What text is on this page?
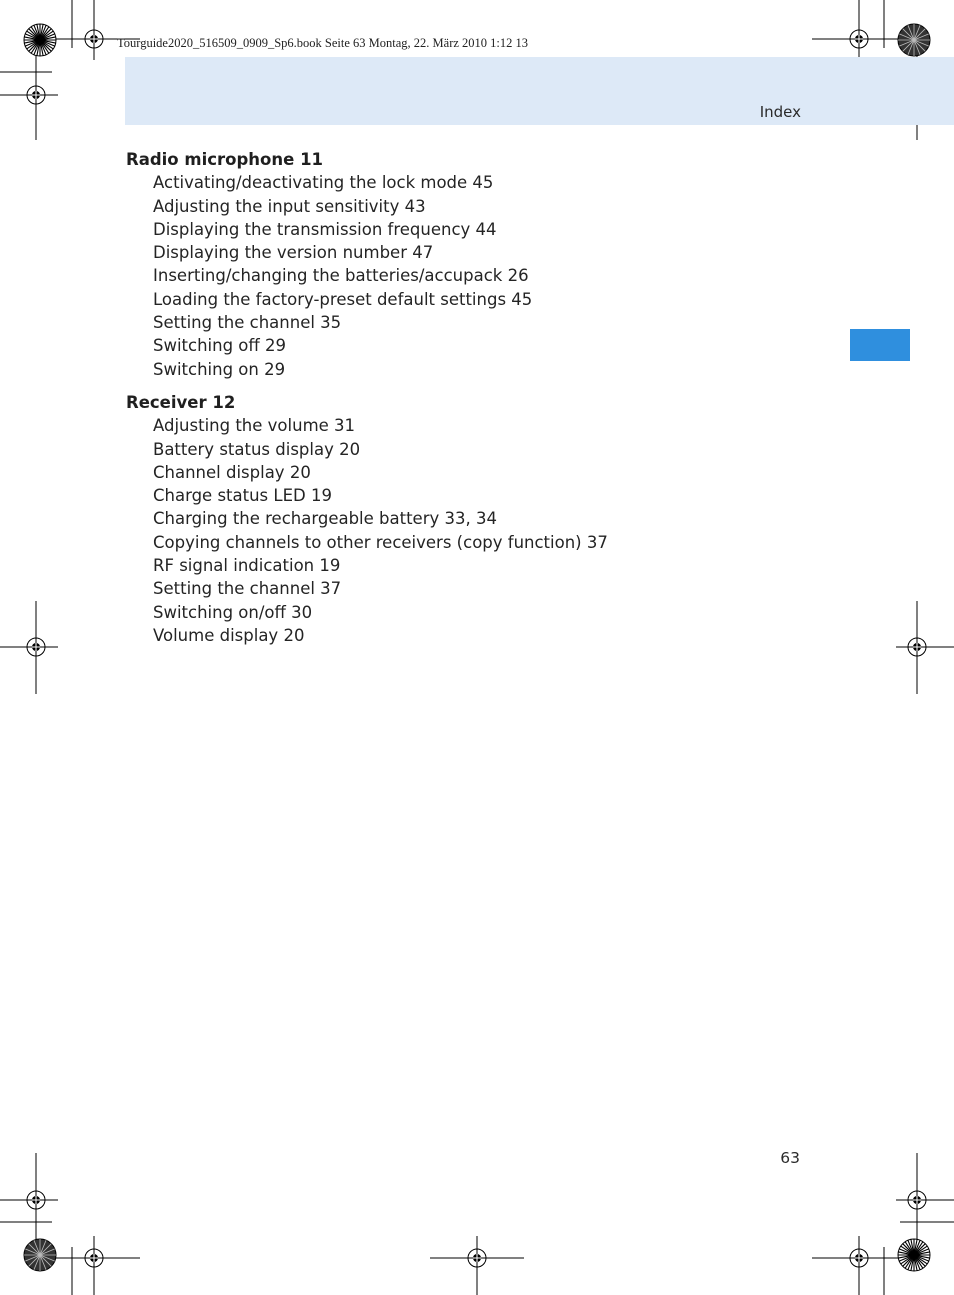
Tourguide2020_516509_0909_Sp6.book Seite 63 Montag, 22. März 2010 1:12 13
Index
Radio microphone 11
Activating/deactivating the lock mode 45
Adjusting the input sensitivity 43
Displaying the transmission frequency 44
Displaying the version number 47
Inserting/changing the batteries/accupack 26
Loading the factory-preset default settings 45
Setting the channel 35
Switching off 29
Switching on 29
Receiver 12
Adjusting the volume 31
Battery status display 20
Channel display 20
Charge status LED 19
Charging the rechargeable battery 33, 34
Copying channels to other receivers (copy function) 37
RF signal indication 19
Setting the channel 37
Switching on/off 30
Volume display 20
63
